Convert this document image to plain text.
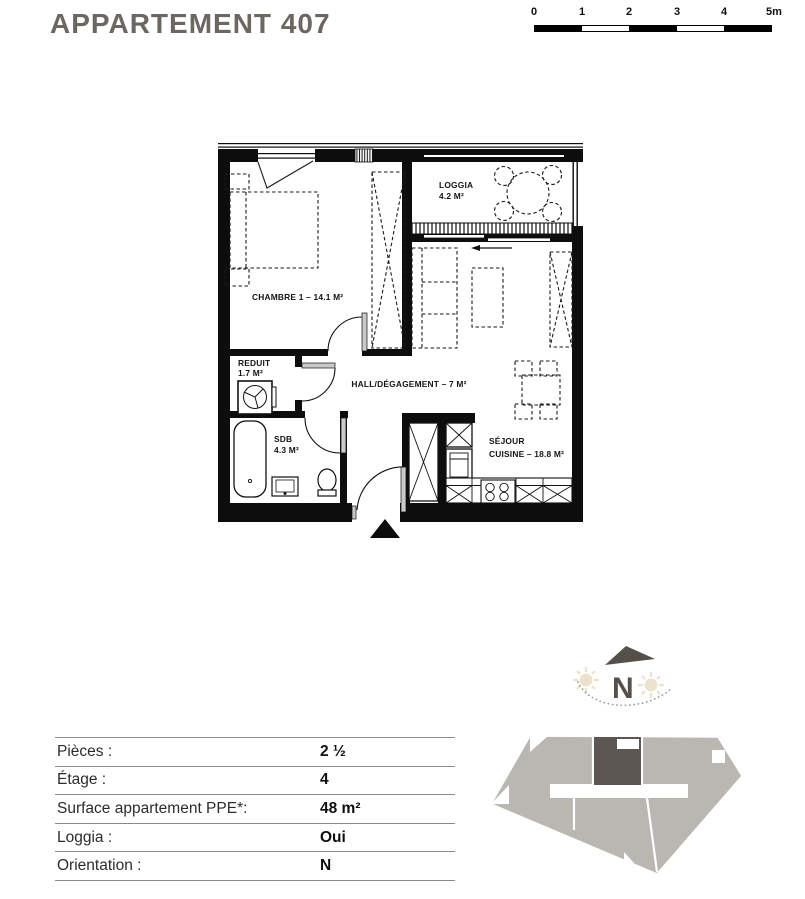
APPARTEMENT 407	0	1	2	3	4	5m
CHAMBRE 1 – 14.1 M²
LOGGIA
4.2 M²
REDUIT
1.7 M²
HALL/DÉGAGEMENT – 7 M²
SDB
4.3 M²
SÉJOUR
CUISINE – 18.8 M²
N
Pièces :	2 ½
Étage :	4
Surface appartement PPE*:	48 m²
Loggia :	Oui
Orientation :	N
